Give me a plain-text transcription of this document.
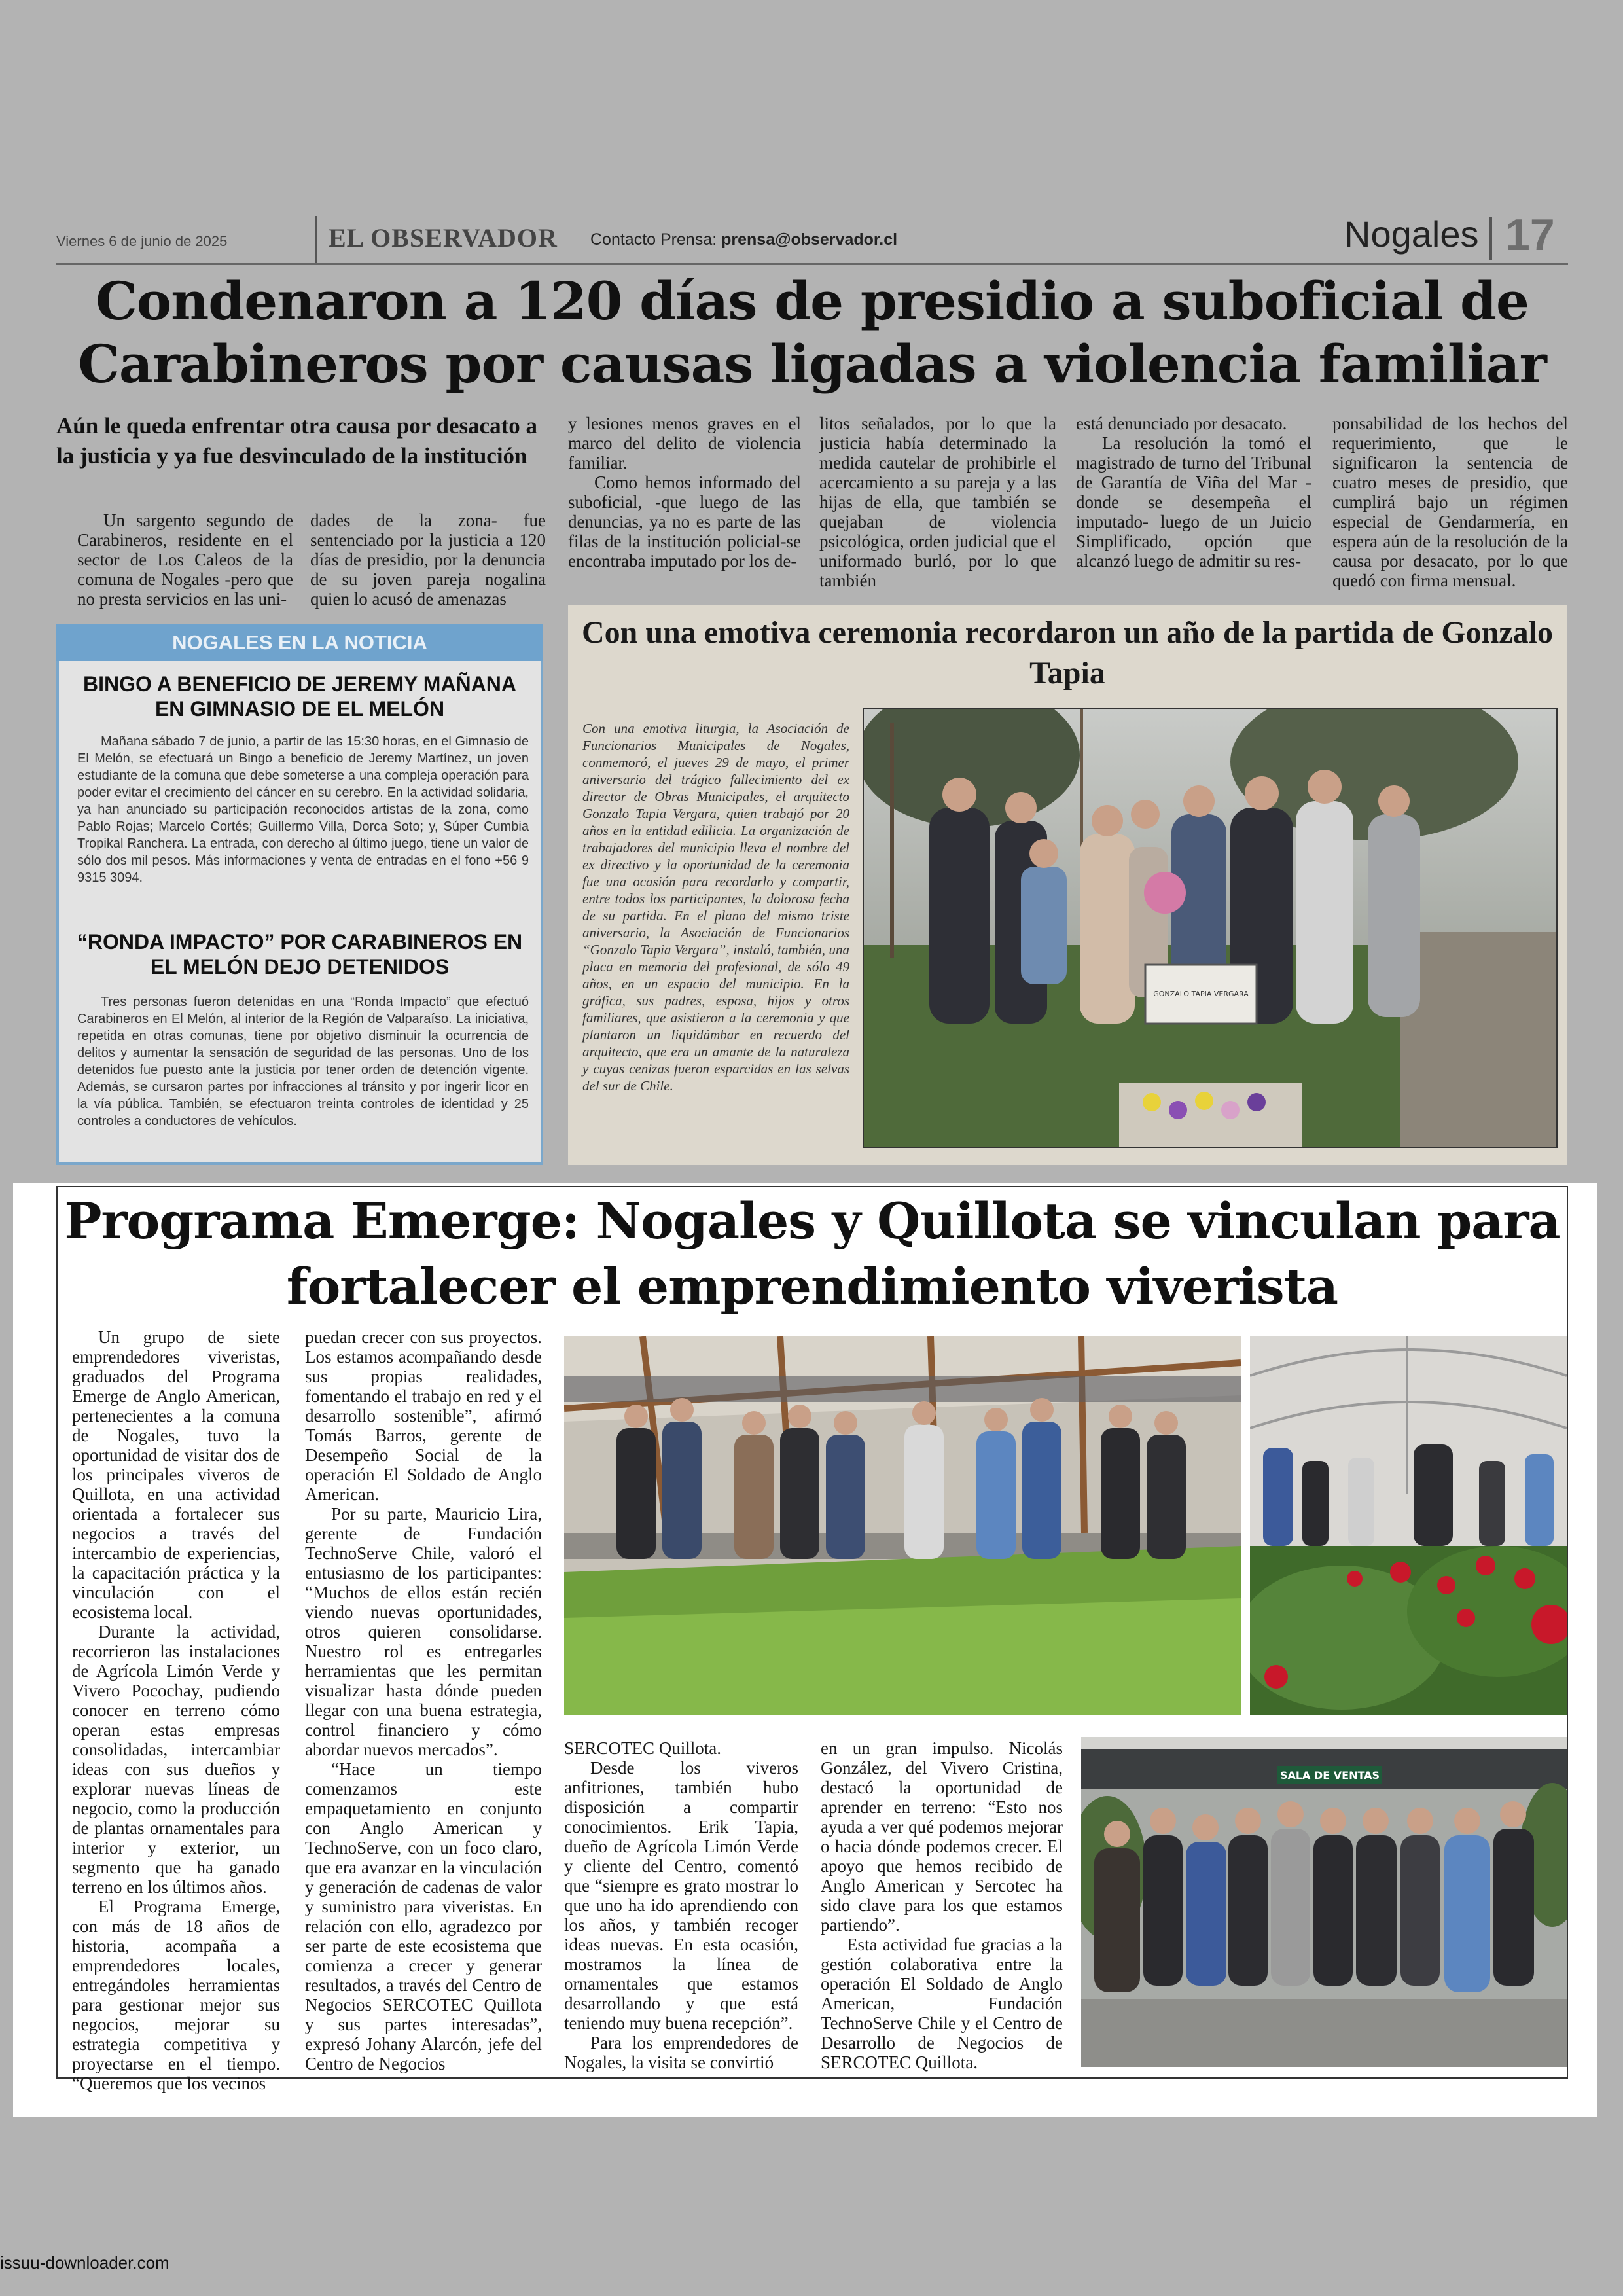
Viernes 6 de junio de 2025	EL OBSERVADOR Contacto Prensa: prensa@observador.cl	Nogales 17
Condenaron a 120 días de presidio a suboficial de Carabineros por causas ligadas a violencia familiar
Aún le queda enfrentar otra causa por desacato a la justicia y ya fue desvinculado de la institución

Un sargento segundo de Carabineros, residente en el sector de Los Caleos de la comuna de Nogales -pero que no presta servicios en las uni-

dades de la zona- fue sentenciado por la justicia a 120 días de presidio, por la denuncia de su joven pareja nogalina quien lo acusó de amenazas

y lesiones menos graves en el marco del delito de violencia familiar.

Como hemos informado del suboficial, -que luego de las denuncias, ya no es parte de las filas de la institución policial-se encontraba imputado por los de-

litos señalados, por lo que la justicia había determinado la medida cautelar de prohibirle el acercamiento a su pareja y a las hijas de ella, que también se quejaban de violencia psicológica, orden judicial que el uniformado burló, por lo que también

está denunciado por desacato.

La resolución la tomó el magistrado de turno del Tribunal de Garantía de Viña del Mar -donde se desempeña el imputado- luego de un Juicio Simplificado, opción que alcanzó luego de admitir su res-

ponsabilidad de los hechos del requerimiento, que le significaron la sentencia de cuatro meses de presidio, que cumplirá bajo un régimen especial de Gendarmería, en espera aún de la resolución de la causa por desacato, por lo que quedó con firma mensual.

NOGALES EN LA NOTICIA
BINGO A BENEFICIO DE JEREMY MAÑANA EN GIMNASIO DE EL MELÓN

Mañana sábado 7 de junio, a partir de las 15:30 horas, en el Gimnasio de El Melón, se efectuará un Bingo a beneficio de Jeremy Martínez, un joven estudiante de la comuna que debe someterse a una compleja operación para poder evitar el crecimiento del cáncer en su cerebro. En la actividad solidaria, ya han anunciado su participación reconocidos artistas de la zona, como Pablo Rojas; Marcelo Cortés; Guillermo Villa, Dorca Soto; y, Súper Cumbia Tropikal Ranchera. La entrada, con derecho al último juego, tiene un valor de sólo dos mil pesos. Más informaciones y venta de entradas en el fono +56 9 9315 3094.

“RONDA IMPACTO” POR CARABINEROS EN EL MELÓN DEJO DETENIDOS

Tres personas fueron detenidas en una “Ronda Impacto” que efectuó Carabineros en El Melón, al interior de la Región de Valparaíso. La iniciativa, repetida en otras comunas, tiene por objetivo disminuir la ocurrencia de delitos y aumentar la sensación de seguridad de las personas. Uno de los detenidos fue puesto ante la justicia por tener orden de detención vigente. Además, se cursaron partes por infracciones al tránsito y por ingerir licor en la vía pública. También, se efectuaron treinta controles de identidad y 25 controles a conductores de vehículos.

Con una emotiva ceremonia recordaron un año de la partida de Gonzalo Tapia
Con una emotiva liturgia, la Asociación de Funcionarios Municipales de Nogales, conmemoró, el jueves 29 de mayo, el primer aniversario del trágico fallecimiento del ex director de Obras Municipales, el arquitecto Gonzalo Tapia Vergara, quien trabajó por 20 años en la entidad edilicia. La organización de trabajadores del municipio lleva el nombre del ex directivo y la oportunidad de la ceremonia fue una ocasión para recordarlo y compartir, entre todos los participantes, la dolorosa fecha de su partida. En el plano del mismo triste aniversario, la Asociación de Funcionarios “Gonzalo Tapia Vergara”, instaló, también, una placa en memoria del profesional, de sólo 49 años, en un espacio del municipio. En la gráfica, sus padres, esposa, hijos y otros familiares, que asistieron a la ceremonia y que plantaron un liquidámbar en recuerdo del arquitecto, que era un amante de la naturaleza y cuyas cenizas fueron esparcidas en las selvas del sur de Chile.
GONZALO TAPIA VERGARA
Programa Emerge: Nogales y Quillota se vinculan para fortalecer el emprendimiento viverista

Un grupo de siete emprendedores viveristas, graduados del Programa Emerge de Anglo American, pertenecientes a la comuna de Nogales, tuvo la oportunidad de visitar dos de los principales viveros de Quillota, en una actividad orientada a fortalecer sus negocios a través del intercambio de experiencias, la capacitación práctica y la vinculación con el ecosistema local.

Durante la actividad, recorrieron las instalaciones de Agrícola Limón Verde y Vivero Pocochay, pudiendo conocer en terreno cómo operan estas empresas consolidadas, intercambiar ideas con sus dueños y explorar nuevas líneas de negocio, como la producción de plantas ornamentales para interior y exterior, un segmento que ha ganado terreno en los últimos años.

El Programa Emerge, con más de 18 años de historia, acompaña a emprendedores locales, entregándoles herramientas para gestionar mejor sus negocios, mejorar su estrategia competitiva y proyectarse en el tiempo. “Queremos que los vecinos

puedan crecer con sus proyectos. Los estamos acompañando desde sus propias realidades, fomentando el trabajo en red y el desarrollo sostenible”, afirmó Tomás Barros, gerente de Desempeño Social de la operación El Soldado de Anglo American.

Por su parte, Mauricio Lira, gerente de Fundación TechnoServe Chile, valoró el entusiasmo de los participantes: “Muchos de ellos están recién viendo nuevas oportunidades, otros quieren consolidarse. Nuestro rol es entregarles herramientas que les permitan visualizar hasta dónde pueden llegar con una buena estrategia, control financiero y cómo abordar nuevos mercados”.

“Hace un tiempo comenzamos este empaquetamiento en conjunto con Anglo American y TechnoServe, con un foco claro, que era avanzar en la vinculación y generación de cadenas de valor y suministro para viveristas. En relación con ello, agradezco por ser parte de este ecosistema que comienza a crecer y generar resultados, a través del Centro de Negocios SERCOTEC Quillota y sus partes interesadas”, expresó Johany Alarcón, jefe del Centro de Negocios

SERCOTEC Quillota.

Desde los viveros anfitriones, también hubo disposición a compartir conocimientos. Erik Tapia, dueño de Agrícola Limón Verde y cliente del Centro, comentó que “siempre es grato mostrar lo que uno ha ido aprendiendo con los años, y también recoger ideas nuevas. En esta ocasión, mostramos la línea de ornamentales que estamos desarrollando y que está teniendo muy buena recepción”.

Para los emprendedores de Nogales, la visita se convirtió

en un gran impulso. Nicolás González, del Vivero Cristina, destacó la oportunidad de aprender en terreno: “Esto nos ayuda a ver qué podemos mejorar o hacia dónde podemos crecer. El apoyo que hemos recibido de Anglo American y Sercotec ha sido clave para los que estamos partiendo”.

Esta actividad fue gracias a la gestión colaborativa entre la operación El Soldado de Anglo American, Fundación TechnoServe Chile y el Centro de Desarrollo de Negocios de SERCOTEC Quillota.

SALA DE VENTAS
issuu-downloader.com
